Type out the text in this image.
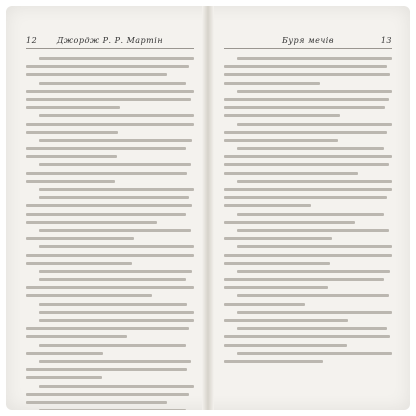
12 Джордж Р. Р. Мартін	Буря мечів	13
